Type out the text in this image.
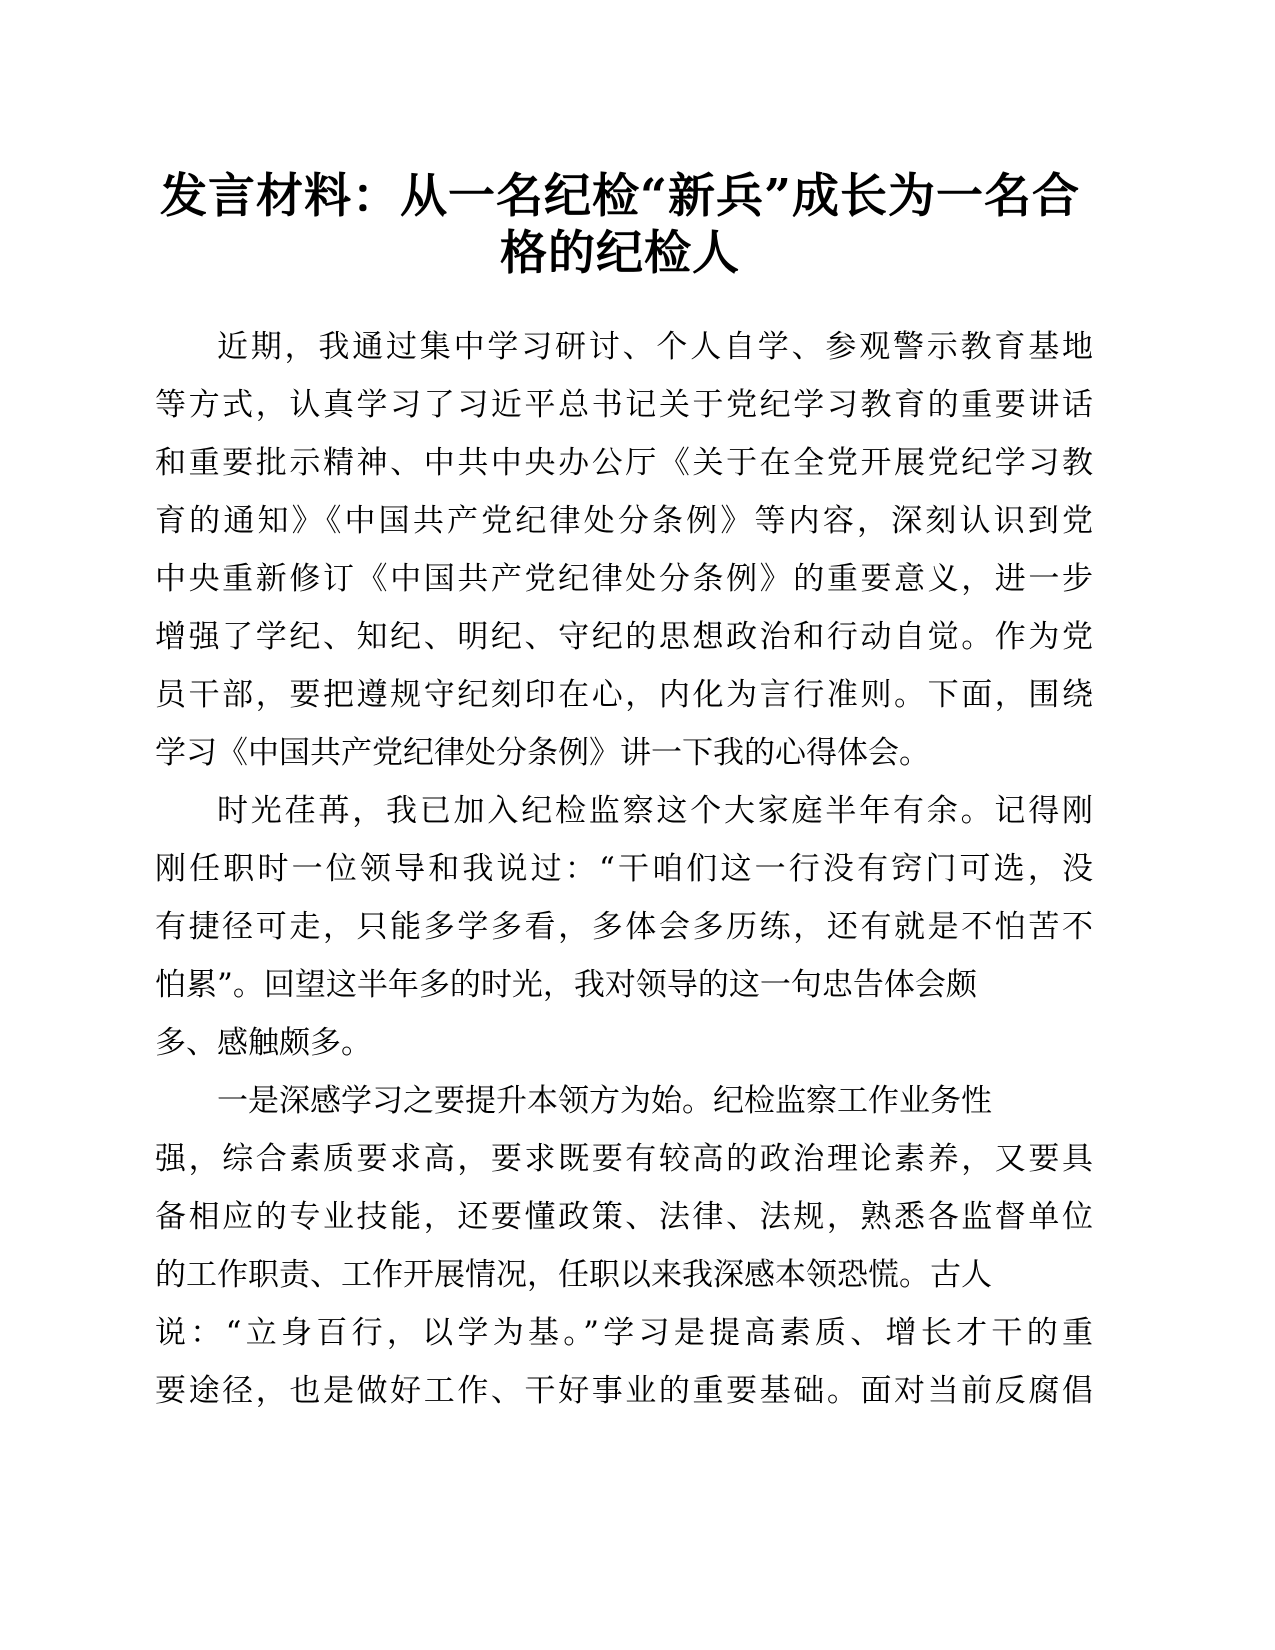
发言材料：从一名纪检“新兵”成长为一名合
格的纪检人

近期，我通过集中学习研讨、个人自学、参观警示教育基地
等方式，认真学习了习近平总书记关于党纪学习教育的重要讲话
和重要批示精神、中共中央办公厅《关于在全党开展党纪学习教
育的通知》《中国共产党纪律处分条例》等内容，深刻认识到党
中央重新修订《中国共产党纪律处分条例》的重要意义，进一步
增强了学纪、知纪、明纪、守纪的思想政治和行动自觉。作为党
员干部，要把遵规守纪刻印在心，内化为言行准则。下面，围绕
学习《中国共产党纪律处分条例》讲一下我的心得体会。

时光荏苒，我已加入纪检监察这个大家庭半年有余。记得刚
刚任职时一位领导和我说过：“干咱们这一行没有窍门可选，没
有捷径可走，只能多学多看，多体会多历练，还有就是不怕苦不
怕累”。回望这半年多的时光，我对领导的这一句忠告体会颇
多、感触颇多。

一是深感学习之要提升本领方为始。纪检监察工作业务性
强，综合素质要求高，要求既要有较高的政治理论素养，又要具
备相应的专业技能，还要懂政策、法律、法规，熟悉各监督单位
的工作职责、工作开展情况，任职以来我深感本领恐慌。古人
说：“立身百行，以学为基。”学习是提高素质、增长才干的重
要途径，也是做好工作、干好事业的重要基础。面对当前反腐倡
